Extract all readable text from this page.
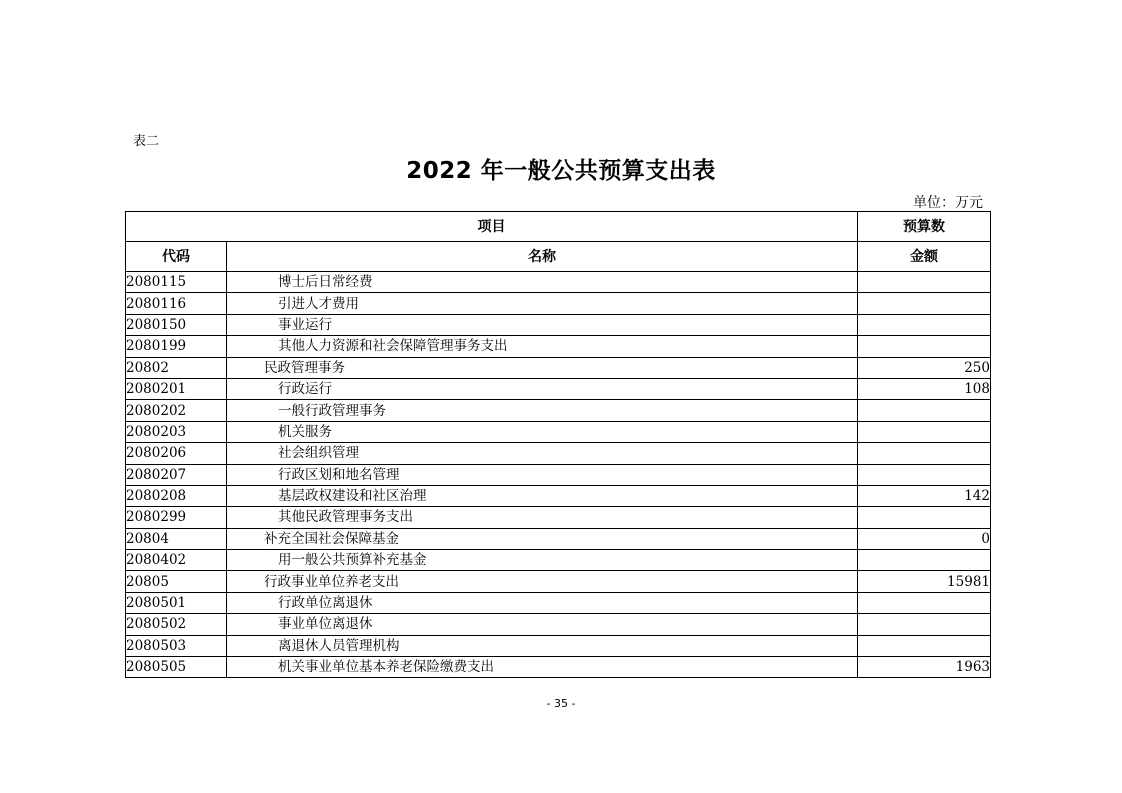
表二
2022 年一般公共预算支出表
单位：万元
项目		预算数
代码	名称	金额
2080115	博士后日常经费	
2080116	引进人才费用	
2080150	事业运行	
2080199	其他人力资源和社会保障管理事务支出	
20802	民政管理事务	250
2080201	行政运行	108
2080202	一般行政管理事务	
2080203	机关服务	
2080206	社会组织管理	
2080207	行政区划和地名管理	
2080208	基层政权建设和社区治理	142
2080299	其他民政管理事务支出	
20804	补充全国社会保障基金	0
2080402	用一般公共预算补充基金	
20805	行政事业单位养老支出	15981
2080501	行政单位离退休	
2080502	事业单位离退休	
2080503	离退休人员管理机构	
2080505	机关事业单位基本养老保险缴费支出	1963
- 35 -
